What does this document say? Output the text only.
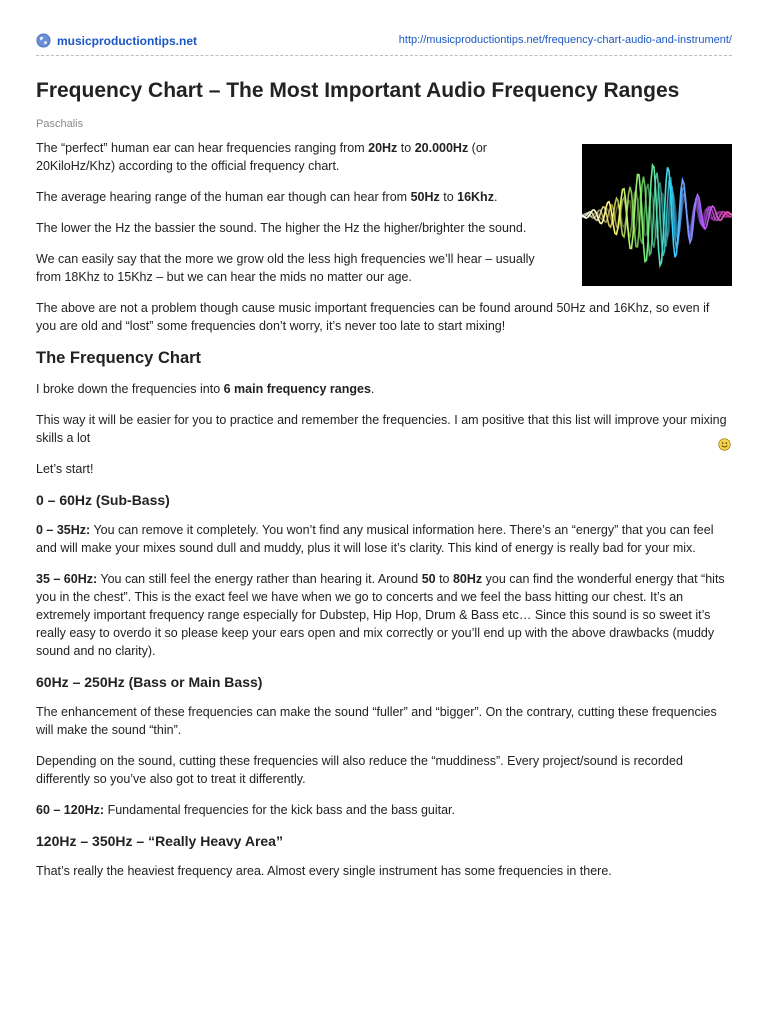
musicproductiontips.net	http://musicproductiontips.net/frequency-chart-audio-and-instrument/
Frequency Chart – The Most Important Audio Frequency Ranges
Paschalis

The “perfect” human ear can hear frequencies ranging from 20Hz to 20.000Hz (or 20KiloHz/Khz) according to the official frequency chart.

The average hearing range of the human ear though can hear from 50Hz to 16Khz.

The lower the Hz the bassier the sound. The higher the Hz the higher/brighter the sound.

We can easily say that the more we grow old the less high frequencies we’ll hear – usually from 18Khz to 15Khz – but we can hear the mids no matter our age.

The above are not a problem though cause music important frequencies can be found around 50Hz and 16Khz, so even if you are old and “lost” some frequencies don’t worry, it’s never too late to start mixing!

The Frequency Chart

I broke down the frequencies into 6 main frequency ranges.

This way it will be easier for you to practice and remember the frequencies. I am positive that this list will improve your mixing skills a lot

Let’s start!

0 – 60Hz (Sub-Bass)

0 – 35Hz: You can remove it completely. You won’t find any musical information here. There’s an “energy” that you can feel and will make your mixes sound dull and muddy, plus it will lose it’s clarity. This kind of energy is really bad for your mix.

35 – 60Hz: You can still feel the energy rather than hearing it. Around 50 to 80Hz you can find the wonderful energy that “hits you in the chest”. This is the exact feel we have when we go to concerts and we feel the bass hitting our chest. It’s an extremely important frequency range especially for Dubstep, Hip Hop, Drum & Bass etc… Since this sound is so sweet it’s really easy to overdo it so please keep your ears open and mix correctly or you’ll end up with the above drawbacks (muddy sound and no clarity).

60Hz – 250Hz (Bass or Main Bass)

The enhancement of these frequencies can make the sound “fuller” and “bigger”. On the contrary, cutting these frequencies will make the sound “thin”.

Depending on the sound, cutting these frequencies will also reduce the “muddiness”. Every project/sound is recorded differently so you’ve also got to treat it differently.

60 – 120Hz: Fundamental frequencies for the kick bass and the bass guitar.

120Hz – 350Hz – “Really Heavy Area”

That’s really the heaviest frequency area. Almost every single instrument has some frequencies in there.
